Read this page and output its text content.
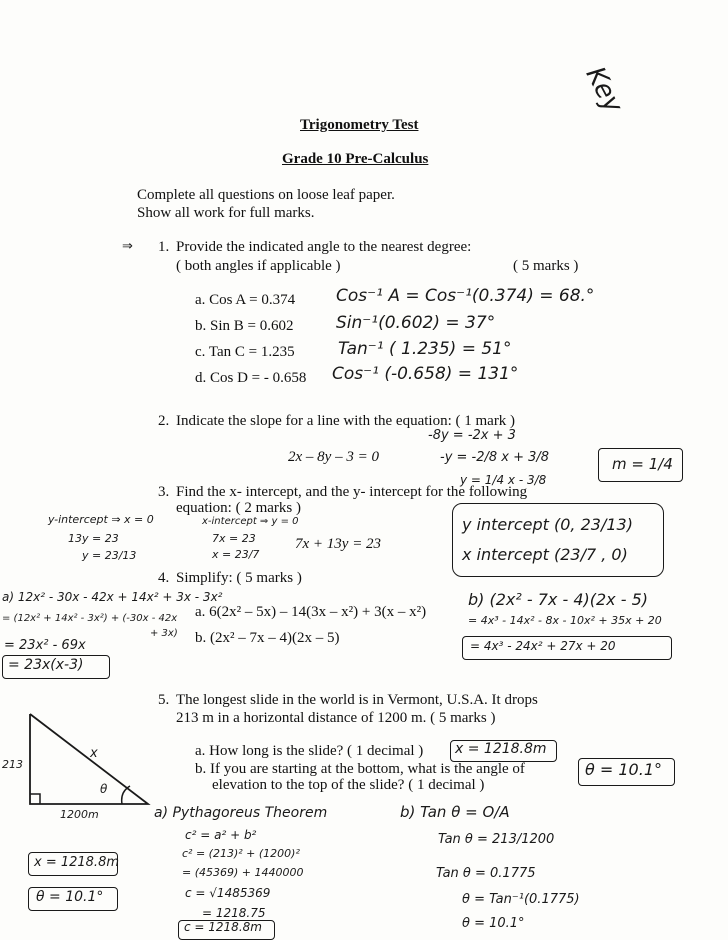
Key
Trigonometry Test
Grade 10 Pre-Calculus
Complete all questions on loose leaf paper.
Show all work for full marks.
⇒ 1. Provide the indicated angle to the nearest degree:
( both angles if applicable )	( 5 marks )
a. Cos A = 0.374 Cos⁻¹ A = Cos⁻¹(0.374) = 68.°
b. Sin B = 0.602	Sin⁻¹(0.602) = 37°
c. Tan C = 1.235	Tan⁻¹ ( 1.235) = 51°
d. Cos D = - 0.658 Cos⁻¹ (-0.658) = 131°
2. Indicate the slope for a line with the equation: ( 1 mark )
2x – 8y – 3 = 0
-8y = -2x + 3
-y = -2/8 x + 3/8
y = 1/4 x - 3/8
m = 1/4
3. Find the x- intercept, and the y- intercept for the following
equation: ( 2 marks )
7x + 13y = 23
y-intercept ⇒ x = 0
13y = 23
y = 23/13
x-intercept ⇒ y = 0
7x = 23
x = 23/7
y intercept (0, 23/13)
x intercept (23/7 , 0)
4. Simplify: ( 5 marks )
a. 6(2x² – 5x) – 14(3x – x²) + 3(x – x²)
b. (2x² – 7x – 4)(2x – 5)
a) 12x² - 30x - 42x + 14x² + 3x - 3x²
= (12x² + 14x² - 3x²) + (-30x - 42x
+ 3x)
= 23x² - 69x
= 23x(x-3)
b) (2x² - 7x - 4)(2x - 5)
= 4x³ - 14x² - 8x - 10x² + 35x + 20
= 4x³ - 24x² + 27x + 20
5. The longest slide in the world is in Vermont, U.S.A. It drops
213 m in a horizontal distance of 1200 m. ( 5 marks )
a. How long is the slide? ( 1 decimal ) x = 1218.8m
b. If you are starting at the bottom, what is the angle of
elevation to the top of the slide? ( 1 decimal )
θ = 10.1°
213
x
θ
1200m	a) Pythagoreus Theorem
c² = a² + b²
c² = (213)² + (1200)²
= (45369) + 1440000
c = √1485369
= 1218.75
c = 1218.8m
b) Tan θ = O/A
Tan θ = 213/1200
Tan θ = 0.1775
θ = Tan⁻¹(0.1775)
θ = 10.1°
x = 1218.8m
θ = 10.1°
